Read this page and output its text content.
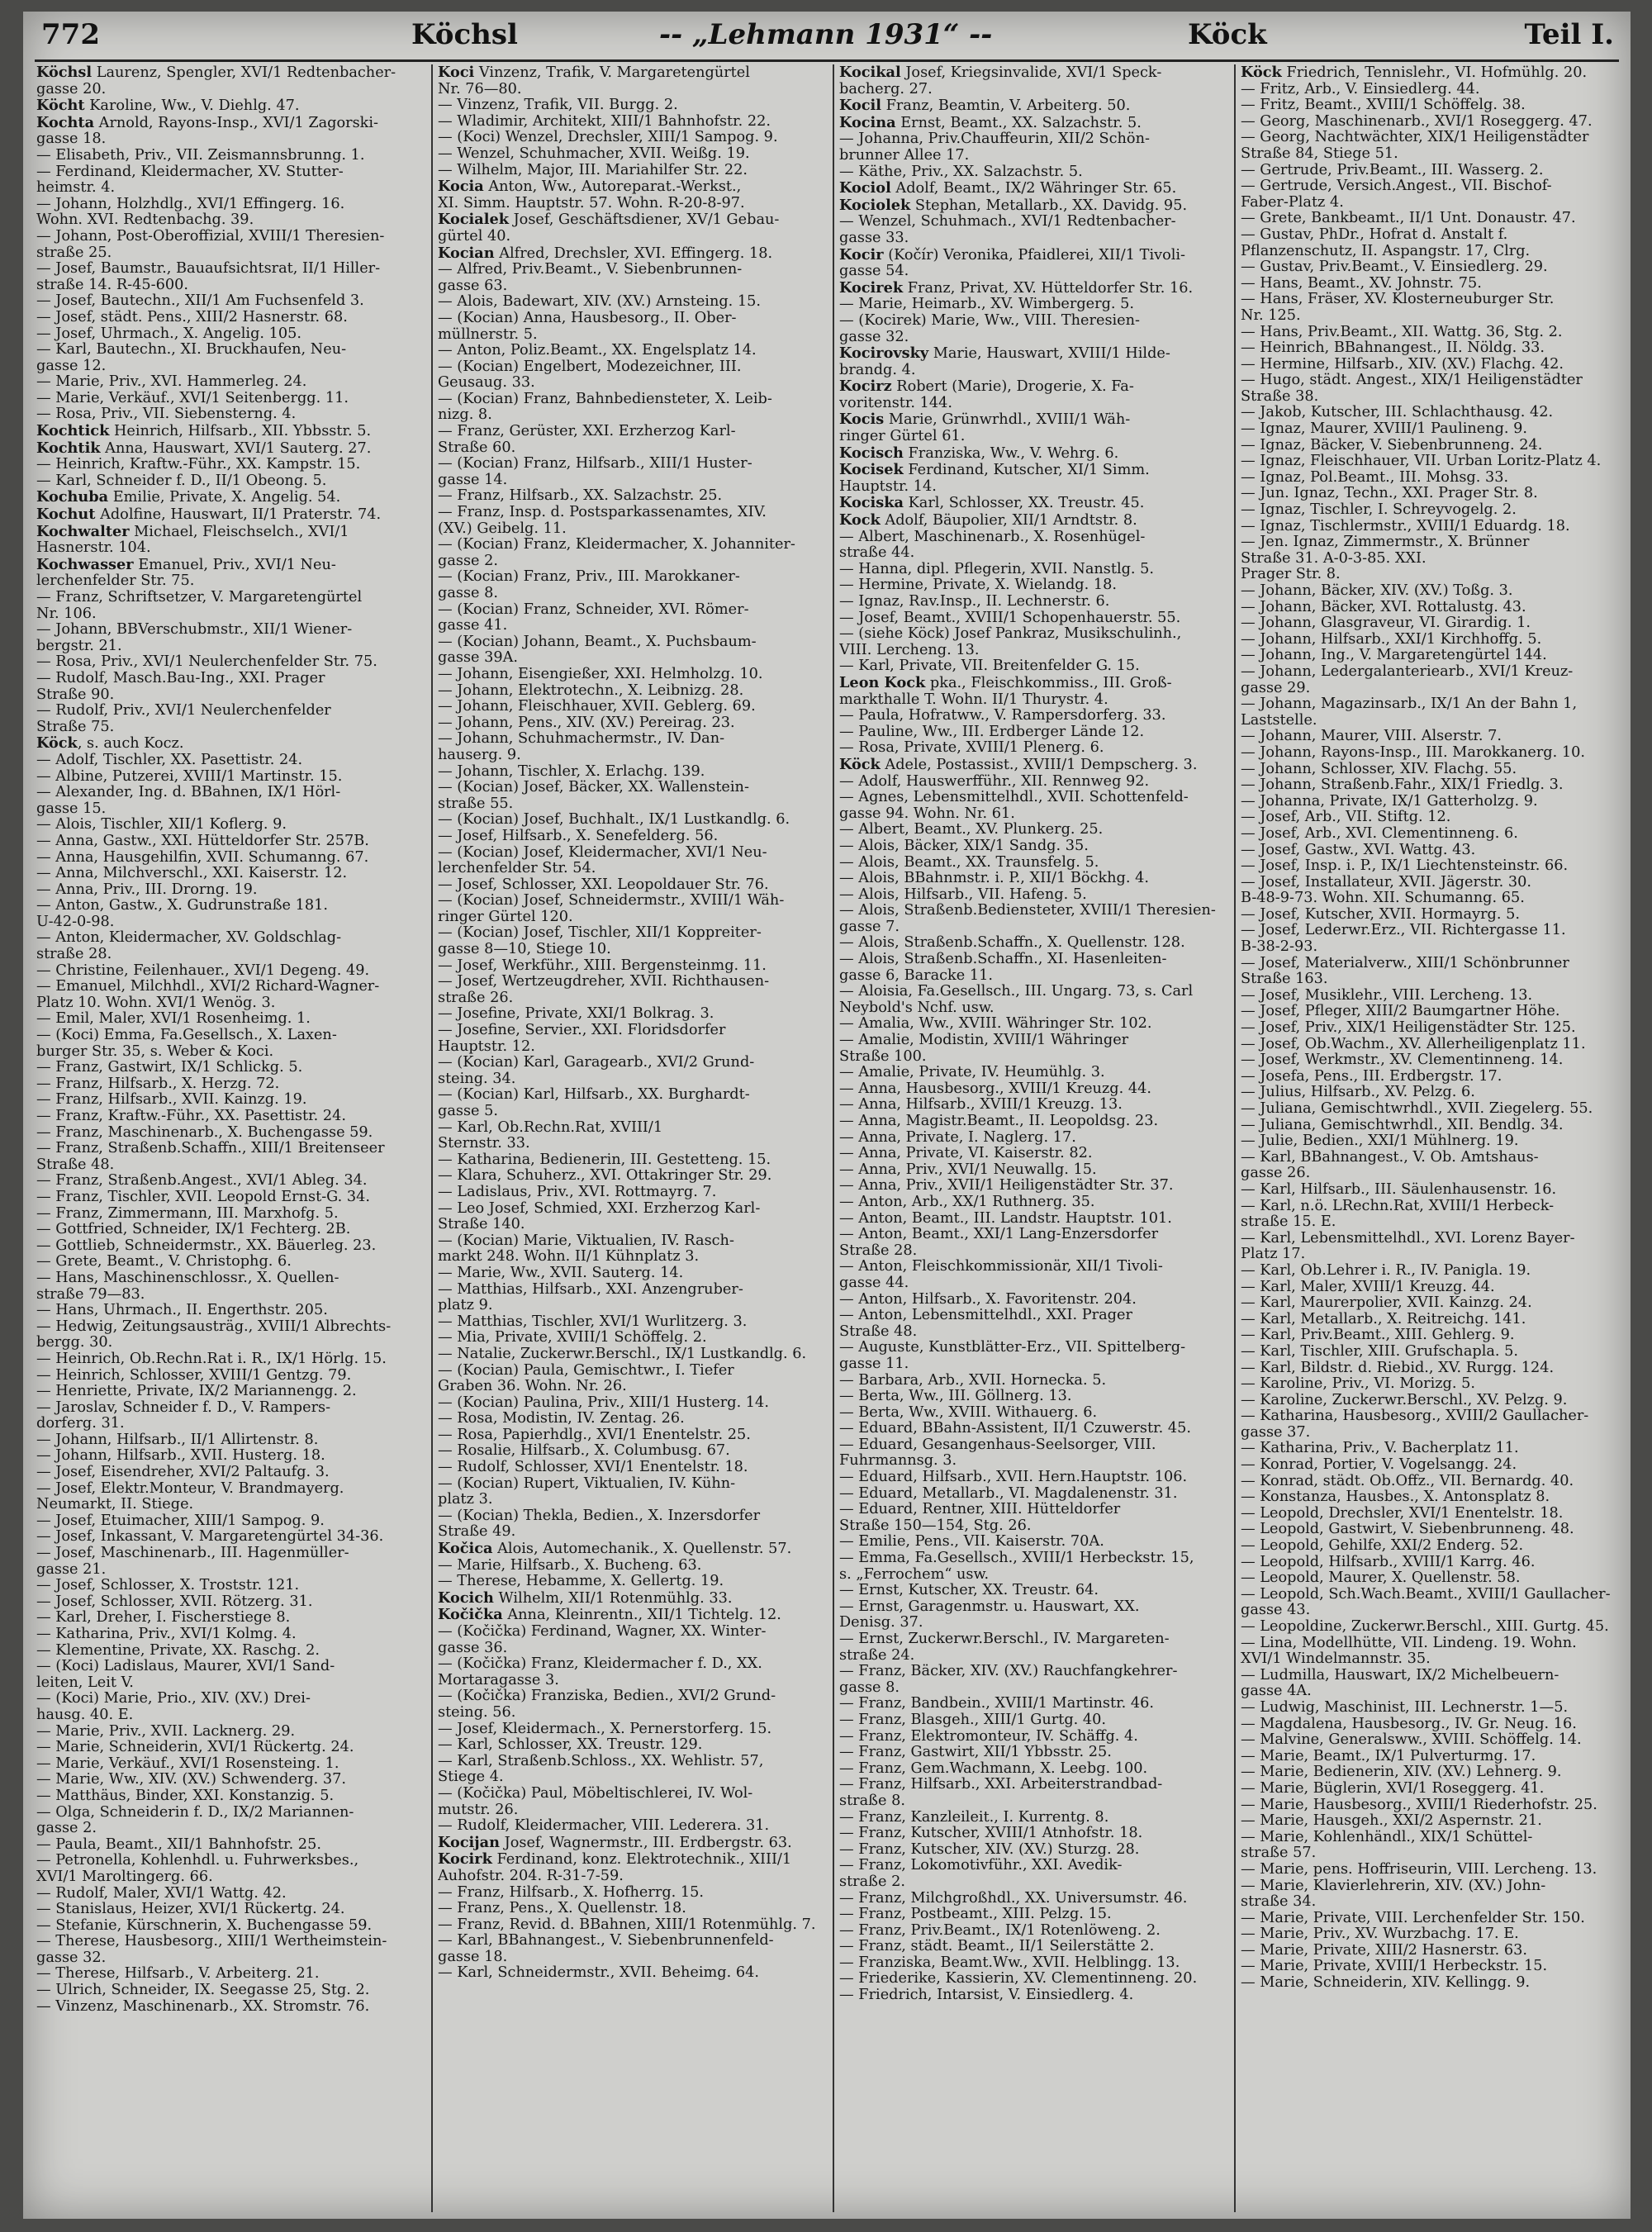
772	Köchsl	-- „Lehmann 1931“ --	Köck	Teil I.

Köchsl Laurenz, Spengler, XVI/1 Redtenbacher-

gasse 20.

Köcht Karoline, Ww., V. Diehlg. 47.

Kochta Arnold, Rayons-Insp., XVI/1 Zagorski-

gasse 18.

— Elisabeth, Priv., VII. Zeismannsbrunng. 1.

— Ferdinand, Kleidermacher, XV. Stutter-

heimstr. 4.

— Johann, Holzhdlg., XVI/1 Effingerg. 16.

Wohn. XVI. Redtenbachg. 39.

— Johann, Post-Oberoffizial, XVIII/1 Theresien-

straße 25.

— Josef, Baumstr., Bauaufsichtsrat, II/1 Hiller-

straße 14. R-45-600.

— Josef, Bautechn., XII/1 Am Fuchsenfeld 3.

— Josef, städt. Pens., XIII/2 Hasnerstr. 68.

— Josef, Uhrmach., X. Angelig. 105.

— Karl, Bautechn., XI. Bruckhaufen, Neu-

gasse 12.

— Marie, Priv., XVI. Hammerleg. 24.

— Marie, Verkäuf., XVI/1 Seitenbergg. 11.

— Rosa, Priv., VII. Siebensterng. 4.

Kochtick Heinrich, Hilfsarb., XII. Ybbsstr. 5.

Kochtik Anna, Hauswart, XVI/1 Sauterg. 27.

— Heinrich, Kraftw.-Führ., XX. Kampstr. 15.

— Karl, Schneider f. D., II/1 Obeong. 5.

Kochuba Emilie, Private, X. Angelig. 54.

Kochut Adolfine, Hauswart, II/1 Praterstr. 74.

Kochwalter Michael, Fleischselch., XVI/1

Hasnerstr. 104.

Kochwasser Emanuel, Priv., XVI/1 Neu-

lerchenfelder Str. 75.

— Franz, Schriftsetzer, V. Margaretengürtel

Nr. 106.

— Johann, BBVerschubmstr., XII/1 Wiener-

bergstr. 21.

— Rosa, Priv., XVI/1 Neulerchenfelder Str. 75.

— Rudolf, Masch.Bau-Ing., XXI. Prager

Straße 90.

— Rudolf, Priv., XVI/1 Neulerchenfelder

Straße 75.

Köck, s. auch Kocz.

— Adolf, Tischler, XX. Pasettistr. 24.

— Albine, Putzerei, XVIII/1 Martinstr. 15.

— Alexander, Ing. d. BBahnen, IX/1 Hörl-

gasse 15.

— Alois, Tischler, XII/1 Koflerg. 9.

— Anna, Gastw., XXI. Hütteldorfer Str. 257B.

— Anna, Hausgehilfin, XVII. Schumanng. 67.

— Anna, Milchverschl., XXI. Kaiserstr. 12.

— Anna, Priv., III. Drorng. 19.

— Anton, Gastw., X. Gudrunstraße 181.

U-42-0-98.

— Anton, Kleidermacher, XV. Goldschlag-

straße 28.

— Christine, Feilenhauer., XVI/1 Degeng. 49.

— Emanuel, Milchhdl., XVI/2 Richard-Wagner-

Platz 10. Wohn. XVI/1 Wenög. 3.

— Emil, Maler, XVI/1 Rosenheimg. 1.

— (Koci) Emma, Fa.Gesellsch., X. Laxen-

burger Str. 35, s. Weber & Koci.

— Franz, Gastwirt, IX/1 Schlickg. 5.

— Franz, Hilfsarb., X. Herzg. 72.

— Franz, Hilfsarb., XVII. Kainzg. 19.

— Franz, Kraftw.-Führ., XX. Pasettistr. 24.

— Franz, Maschinenarb., X. Buchengasse 59.

— Franz, Straßenb.Schaffn., XIII/1 Breitenseer

Straße 48.

— Franz, Straßenb.Angest., XVI/1 Ableg. 34.

— Franz, Tischler, XVII. Leopold Ernst-G. 34.

— Franz, Zimmermann, III. Marxhofg. 5.

— Gottfried, Schneider, IX/1 Fechterg. 2B.

— Gottlieb, Schneidermstr., XX. Bäuerleg. 23.

— Grete, Beamt., V. Christophg. 6.

— Hans, Maschinenschlossr., X. Quellen-

straße 79—83.

— Hans, Uhrmach., II. Engerthstr. 205.

— Hedwig, Zeitungsausträg., XVIII/1 Albrechts-

bergg. 30.

— Heinrich, Ob.Rechn.Rat i. R., IX/1 Hörlg. 15.

— Heinrich, Schlosser, XVIII/1 Gentzg. 79.

— Henriette, Private, IX/2 Mariannengg. 2.

— Jaroslav, Schneider f. D., V. Rampers-

dorferg. 31.

— Johann, Hilfsarb., II/1 Allirtenstr. 8.

— Johann, Hilfsarb., XVII. Husterg. 18.

— Josef, Eisendreher, XVI/2 Paltaufg. 3.

— Josef, Elektr.Monteur, V. Brandmayerg.

Neumarkt, II. Stiege.

— Josef, Etuimacher, XIII/1 Sampog. 9.

— Josef, Inkassant, V. Margaretengürtel 34-36.

— Josef, Maschinenarb., III. Hagenmüller-

gasse 21.

— Josef, Schlosser, X. Troststr. 121.

— Josef, Schlosser, XVII. Rötzerg. 31.

— Karl, Dreher, I. Fischerstiege 8.

— Katharina, Priv., XVI/1 Kolmg. 4.

— Klementine, Private, XX. Raschg. 2.

— (Koci) Ladislaus, Maurer, XVI/1 Sand-

leiten, Leit V.

— (Koci) Marie, Prio., XIV. (XV.) Drei-

hausg. 40. E.

— Marie, Priv., XVII. Lacknerg. 29.

— Marie, Schneiderin, XVI/1 Rückertg. 24.

— Marie, Verkäuf., XVI/1 Rosensteing. 1.

— Marie, Ww., XIV. (XV.) Schwenderg. 37.

— Matthäus, Binder, XXI. Konstanzig. 5.

— Olga, Schneiderin f. D., IX/2 Mariannen-

gasse 2.

— Paula, Beamt., XII/1 Bahnhofstr. 25.

— Petronella, Kohlenhdl. u. Fuhrwerksbes.,

XVI/1 Maroltingerg. 66.

— Rudolf, Maler, XVI/1 Wattg. 42.

— Stanislaus, Heizer, XVI/1 Rückertg. 24.

— Stefanie, Kürschnerin, X. Buchengasse 59.

— Therese, Hausbesorg., XIII/1 Wertheimstein-

gasse 32.

— Therese, Hilfsarb., V. Arbeiterg. 21.

— Ulrich, Schneider, IX. Seegasse 25, Stg. 2.

— Vinzenz, Maschinenarb., XX. Stromstr. 76.

Koci Vinzenz, Trafik, V. Margaretengürtel

Nr. 76—80.

— Vinzenz, Trafik, VII. Burgg. 2.

— Wladimir, Architekt, XIII/1 Bahnhofstr. 22.

— (Koci) Wenzel, Drechsler, XIII/1 Sampog. 9.

— Wenzel, Schuhmacher, XVII. Weißg. 19.

— Wilhelm, Major, III. Mariahilfer Str. 22.

Kocia Anton, Ww., Autoreparat.-Werkst.,

XI. Simm. Hauptstr. 57. Wohn. R-20-8-97.

Kocialek Josef, Geschäftsdiener, XV/1 Gebau-

gürtel 40.

Kocian Alfred, Drechsler, XVI. Effingerg. 18.

— Alfred, Priv.Beamt., V. Siebenbrunnen-

gasse 63.

— Alois, Badewart, XIV. (XV.) Arnsteing. 15.

— (Kocian) Anna, Hausbesorg., II. Ober-

müllnerstr. 5.

— Anton, Poliz.Beamt., XX. Engelsplatz 14.

— (Kocian) Engelbert, Modezeichner, III.

Geusaug. 33.

— (Kocian) Franz, Bahnbediensteter, X. Leib-

nizg. 8.

— Franz, Gerüster, XXI. Erzherzog Karl-

Straße 60.

— (Kocian) Franz, Hilfsarb., XIII/1 Huster-

gasse 14.

— Franz, Hilfsarb., XX. Salzachstr. 25.

— Franz, Insp. d. Postsparkassenamtes, XIV.

(XV.) Geibelg. 11.

— (Kocian) Franz, Kleidermacher, X. Johanniter-

gasse 2.

— (Kocian) Franz, Priv., III. Marokkaner-

gasse 8.

— (Kocian) Franz, Schneider, XVI. Römer-

gasse 41.

— (Kocian) Johann, Beamt., X. Puchsbaum-

gasse 39A.

— Johann, Eisengießer, XXI. Helmholzg. 10.

— Johann, Elektrotechn., X. Leibnizg. 28.

— Johann, Fleischhauer, XVII. Geblerg. 69.

— Johann, Pens., XIV. (XV.) Pereirag. 23.

— Johann, Schuhmachermstr., IV. Dan-

hauserg. 9.

— Johann, Tischler, X. Erlachg. 139.

— (Kocian) Josef, Bäcker, XX. Wallenstein-

straße 55.

— (Kocian) Josef, Buchhalt., IX/1 Lustkandlg. 6.

— Josef, Hilfsarb., X. Senefelderg. 56.

— (Kocian) Josef, Kleidermacher, XVI/1 Neu-

lerchenfelder Str. 54.

— Josef, Schlosser, XXI. Leopoldauer Str. 76.

— (Kocian) Josef, Schneidermstr., XVIII/1 Wäh-

ringer Gürtel 120.

— (Kocian) Josef, Tischler, XII/1 Koppreiter-

gasse 8—10, Stiege 10.

— Josef, Werkführ., XIII. Bergensteinmg. 11.

— Josef, Wertzeugdreher, XVII. Richthausen-

straße 26.

— Josefine, Private, XXI/1 Bolkrag. 3.

— Josefine, Servier., XXI. Floridsdorfer

Hauptstr. 12.

— (Kocian) Karl, Garagearb., XVI/2 Grund-

steing. 34.

— (Kocian) Karl, Hilfsarb., XX. Burghardt-

gasse 5.

— Karl, Ob.Rechn.Rat, XVIII/1

Sternstr. 33.

— Katharina, Bedienerin, III. Gestetteng. 15.

— Klara, Schuherz., XVI. Ottakringer Str. 29.

— Ladislaus, Priv., XVI. Rottmayrg. 7.

— Leo Josef, Schmied, XXI. Erzherzog Karl-

Straße 140.

— (Kocian) Marie, Viktualien, IV. Rasch-

markt 248. Wohn. II/1 Kühnplatz 3.

— Marie, Ww., XVII. Sauterg. 14.

— Matthias, Hilfsarb., XXI. Anzengruber-

platz 9.

— Matthias, Tischler, XVI/1 Wurlitzerg. 3.

— Mia, Private, XVIII/1 Schöffelg. 2.

— Natalie, Zuckerwr.Berschl., IX/1 Lustkandlg. 6.

— (Kocian) Paula, Gemischtwr., I. Tiefer

Graben 36. Wohn. Nr. 26.

— (Kocian) Paulina, Priv., XIII/1 Husterg. 14.

— Rosa, Modistin, IV. Zentag. 26.

— Rosa, Papierhdlg., XVI/1 Enentelstr. 25.

— Rosalie, Hilfsarb., X. Columbusg. 67.

— Rudolf, Schlosser, XVI/1 Enentelstr. 18.

— (Kocian) Rupert, Viktualien, IV. Kühn-

platz 3.

— (Kocian) Thekla, Bedien., X. Inzersdorfer

Straße 49.

Kočica Alois, Automechanik., X. Quellenstr. 57.

— Marie, Hilfsarb., X. Bucheng. 63.

— Therese, Hebamme, X. Gellertg. 19.

Kocich Wilhelm, XII/1 Rotenmühlg. 33.

Kočička Anna, Kleinrentn., XII/1 Tichtelg. 12.

— (Kočička) Ferdinand, Wagner, XX. Winter-

gasse 36.

— (Kočička) Franz, Kleidermacher f. D., XX.

Mortaragasse 3.

— (Kočička) Franziska, Bedien., XVI/2 Grund-

steing. 56.

— Josef, Kleidermach., X. Pernerstorferg. 15.

— Karl, Schlosser, XX. Treustr. 129.

— Karl, Straßenb.Schloss., XX. Wehlistr. 57,

Stiege 4.

— (Kočička) Paul, Möbeltischlerei, IV. Wol-

mutstr. 26.

— Rudolf, Kleidermacher, VIII. Lederera. 31.

Kocijan Josef, Wagnermstr., III. Erdbergstr. 63.

Kocirk Ferdinand, konz. Elektrotechnik., XIII/1

Auhofstr. 204. R-31-7-59.

— Franz, Hilfsarb., X. Hofherrg. 15.

— Franz, Pens., X. Quellenstr. 18.

— Franz, Revid. d. BBahnen, XIII/1 Rotenmühlg. 7.

— Karl, BBahnangest., V. Siebenbrunnenfeld-

gasse 18.

— Karl, Schneidermstr., XVII. Beheimg. 64.

Kocikal Josef, Kriegsinvalide, XVI/1 Speck-

bacherg. 27.

Kocil Franz, Beamtin, V. Arbeiterg. 50.

Kocina Ernst, Beamt., XX. Salzachstr. 5.

— Johanna, Priv.Chauffeurin, XII/2 Schön-

brunner Allee 17.

— Käthe, Priv., XX. Salzachstr. 5.

Kociol Adolf, Beamt., IX/2 Währinger Str. 65.

Kociolek Stephan, Metallarb., XX. Davidg. 95.

— Wenzel, Schuhmach., XVI/1 Redtenbacher-

gasse 33.

Kocir (Kočír) Veronika, Pfaidlerei, XII/1 Tivoli-

gasse 54.

Kocirek Franz, Privat, XV. Hütteldorfer Str. 16.

— Marie, Heimarb., XV. Wimbergerg. 5.

— (Kocirek) Marie, Ww., VIII. Theresien-

gasse 32.

Kocirovsky Marie, Hauswart, XVIII/1 Hilde-

brandg. 4.

Kocirz Robert (Marie), Drogerie, X. Fa-

voritenstr. 144.

Kocis Marie, Grünwrhdl., XVIII/1 Wäh-

ringer Gürtel 61.

Kocisch Franziska, Ww., V. Wehrg. 6.

Kocisek Ferdinand, Kutscher, XI/1 Simm.

Hauptstr. 14.

Kociska Karl, Schlosser, XX. Treustr. 45.

Kock Adolf, Bäupolier, XII/1 Arndtstr. 8.

— Albert, Maschinenarb., X. Rosenhügel-

straße 44.

— Hanna, dipl. Pflegerin, XVII. Nanstlg. 5.

— Hermine, Private, X. Wielandg. 18.

— Ignaz, Rav.Insp., II. Lechnerstr. 6.

— Josef, Beamt., XVIII/1 Schopenhauerstr. 55.

— (siehe Köck) Josef Pankraz, Musikschulinh.,

VIII. Lercheng. 13.

— Karl, Private, VII. Breitenfelder G. 15.

Leon Kock pka., Fleischkommiss., III. Groß-

markthalle T. Wohn. II/1 Thurystr. 4.

— Paula, Hofratww., V. Rampersdorferg. 33.

— Pauline, Ww., III. Erdberger Lände 12.

— Rosa, Private, XVIII/1 Plenerg. 6.

Köck Adele, Postassist., XVIII/1 Dempscherg. 3.

— Adolf, Hauswerfführ., XII. Rennweg 92.

— Agnes, Lebensmittelhdl., XVII. Schottenfeld-

gasse 94. Wohn. Nr. 61.

— Albert, Beamt., XV. Plunkerg. 25.

— Alois, Bäcker, XIX/1 Sandg. 35.

— Alois, Beamt., XX. Traunsfelg. 5.

— Alois, BBahnmstr. i. P., XII/1 Böckhg. 4.

— Alois, Hilfsarb., VII. Hafeng. 5.

— Alois, Straßenb.Bediensteter, XVIII/1 Theresien-

gasse 7.

— Alois, Straßenb.Schaffn., X. Quellenstr. 128.

— Alois, Straßenb.Schaffn., XI. Hasenleiten-

gasse 6, Baracke 11.

— Aloisia, Fa.Gesellsch., III. Ungarg. 73, s. Carl

Neybold's Nchf. usw.

— Amalia, Ww., XVIII. Währinger Str. 102.

— Amalie, Modistin, XVIII/1 Währinger

Straße 100.

— Amalie, Private, IV. Heumühlg. 3.

— Anna, Hausbesorg., XVIII/1 Kreuzg. 44.

— Anna, Hilfsarb., XVIII/1 Kreuzg. 13.

— Anna, Magistr.Beamt., II. Leopoldsg. 23.

— Anna, Private, I. Naglerg. 17.

— Anna, Private, VI. Kaiserstr. 82.

— Anna, Priv., XVI/1 Neuwallg. 15.

— Anna, Priv., XVII/1 Heiligenstädter Str. 37.

— Anton, Arb., XX/1 Ruthnerg. 35.

— Anton, Beamt., III. Landstr. Hauptstr. 101.

— Anton, Beamt., XXI/1 Lang-Enzersdorfer

Straße 28.

— Anton, Fleischkommissionär, XII/1 Tivoli-

gasse 44.

— Anton, Hilfsarb., X. Favoritenstr. 204.

— Anton, Lebensmittelhdl., XXI. Prager

Straße 48.

— Auguste, Kunstblätter-Erz., VII. Spittelberg-

gasse 11.

— Barbara, Arb., XVII. Hornecka. 5.

— Berta, Ww., III. Göllnerg. 13.

— Berta, Ww., XVIII. Withauerg. 6.

— Eduard, BBahn-Assistent, II/1 Czuwerstr. 45.

— Eduard, Gesangenhaus-Seelsorger, VIII.

Fuhrmannsg. 3.

— Eduard, Hilfsarb., XVII. Hern.Hauptstr. 106.

— Eduard, Metallarb., VI. Magdalenenstr. 31.

— Eduard, Rentner, XIII. Hütteldorfer

Straße 150—154, Stg. 26.

— Emilie, Pens., VII. Kaiserstr. 70A.

— Emma, Fa.Gesellsch., XVIII/1 Herbeckstr. 15,

s. „Ferrochem“ usw.

— Ernst, Kutscher, XX. Treustr. 64.

— Ernst, Garagenmstr. u. Hauswart, XX.

Denisg. 37.

— Ernst, Zuckerwr.Berschl., IV. Margareten-

straße 24.

— Franz, Bäcker, XIV. (XV.) Rauchfangkehrer-

gasse 8.

— Franz, Bandbein., XVIII/1 Martinstr. 46.

— Franz, Blasgeh., XIII/1 Gurtg. 40.

— Franz, Elektromonteur, IV. Schäffg. 4.

— Franz, Gastwirt, XII/1 Ybbsstr. 25.

— Franz, Gem.Wachmann, X. Leebg. 100.

— Franz, Hilfsarb., XXI. Arbeiterstrandbad-

straße 8.

— Franz, Kanzleileit., I. Kurrentg. 8.

— Franz, Kutscher, XVIII/1 Atnhofstr. 18.

— Franz, Kutscher, XIV. (XV.) Sturzg. 28.

— Franz, Lokomotivführ., XXI. Avedik-

straße 2.

— Franz, Milchgroßhdl., XX. Universumstr. 46.

— Franz, Postbeamt., XIII. Pelzg. 15.

— Franz, Priv.Beamt., IX/1 Rotenlöweng. 2.

— Franz, städt. Beamt., II/1 Seilerstätte 2.

— Franziska, Beamt.Ww., XVII. Helblingg. 13.

— Friederike, Kassierin, XV. Clementinneng. 20.

— Friedrich, Intarsist, V. Einsiedlerg. 4.

Köck Friedrich, Tennislehr., VI. Hofmühlg. 20.

— Fritz, Arb., V. Einsiedlerg. 44.

— Fritz, Beamt., XVIII/1 Schöffelg. 38.

— Georg, Maschinenarb., XVI/1 Roseggerg. 47.

— Georg, Nachtwächter, XIX/1 Heiligenstädter

Straße 84, Stiege 51.

— Gertrude, Priv.Beamt., III. Wasserg. 2.

— Gertrude, Versich.Angest., VII. Bischof-

Faber-Platz 4.

— Grete, Bankbeamt., II/1 Unt. Donaustr. 47.

— Gustav, PhDr., Hofrat d. Anstalt f.

Pflanzenschutz, II. Aspangstr. 17, Clrg.

— Gustav, Priv.Beamt., V. Einsiedlerg. 29.

— Hans, Beamt., XV. Johnstr. 75.

— Hans, Fräser, XV. Klosterneuburger Str.

Nr. 125.

— Hans, Priv.Beamt., XII. Wattg. 36, Stg. 2.

— Heinrich, BBahnangest., II. Nöldg. 33.

— Hermine, Hilfsarb., XIV. (XV.) Flachg. 42.

— Hugo, städt. Angest., XIX/1 Heiligenstädter

Straße 38.

— Jakob, Kutscher, III. Schlachthausg. 42.

— Ignaz, Maurer, XVIII/1 Paulineng. 9.

— Ignaz, Bäcker, V. Siebenbrunneng. 24.

— Ignaz, Fleischhauer, VII. Urban Loritz-Platz 4.

— Ignaz, Pol.Beamt., III. Mohsg. 33.

— Jun. Ignaz, Techn., XXI. Prager Str. 8.

— Ignaz, Tischler, I. Schreyvogelg. 2.

— Ignaz, Tischlermstr., XVIII/1 Eduardg. 18.

— Jen. Ignaz, Zimmermstr., X. Brünner

Straße 31. A-0-3-85. XXI.

Prager Str. 8.

— Johann, Bäcker, XIV. (XV.) Toßg. 3.

— Johann, Bäcker, XVI. Rottalustg. 43.

— Johann, Glasgraveur, VI. Girardig. 1.

— Johann, Hilfsarb., XXI/1 Kirchhoffg. 5.

— Johann, Ing., V. Margaretengürtel 144.

— Johann, Ledergalanteriearb., XVI/1 Kreuz-

gasse 29.

— Johann, Magazinsarb., IX/1 An der Bahn 1,

Laststelle.

— Johann, Maurer, VIII. Alserstr. 7.

— Johann, Rayons-Insp., III. Marokkanerg. 10.

— Johann, Schlosser, XIV. Flachg. 55.

— Johann, Straßenb.Fahr., XIX/1 Friedlg. 3.

— Johanna, Private, IX/1 Gatterholzg. 9.

— Josef, Arb., VII. Stiftg. 12.

— Josef, Arb., XVI. Clementinneng. 6.

— Josef, Gastw., XVI. Wattg. 43.

— Josef, Insp. i. P., IX/1 Liechtensteinstr. 66.

— Josef, Installateur, XVII. Jägerstr. 30.

B-48-9-73. Wohn. XII. Schumanng. 65.

— Josef, Kutscher, XVII. Hormayrg. 5.

— Josef, Lederwr.Erz., VII. Richtergasse 11.

B-38-2-93.

— Josef, Materialverw., XIII/1 Schönbrunner

Straße 163.

— Josef, Musiklehr., VIII. Lercheng. 13.

— Josef, Pfleger, XIII/2 Baumgartner Höhe.

— Josef, Priv., XIX/1 Heiligenstädter Str. 125.

— Josef, Ob.Wachm., XV. Allerheiligenplatz 11.

— Josef, Werkmstr., XV. Clementinneng. 14.

— Josefa, Pens., III. Erdbergstr. 17.

— Julius, Hilfsarb., XV. Pelzg. 6.

— Juliana, Gemischtwrhdl., XVII. Ziegelerg. 55.

— Juliana, Gemischtwrhdl., XII. Bendlg. 34.

— Julie, Bedien., XXI/1 Mühlnerg. 19.

— Karl, BBahnangest., V. Ob. Amtshaus-

gasse 26.

— Karl, Hilfsarb., III. Säulenhausenstr. 16.

— Karl, n.ö. LRechn.Rat, XVIII/1 Herbeck-

straße 15. E.

— Karl, Lebensmittelhdl., XVI. Lorenz Bayer-

Platz 17.

— Karl, Ob.Lehrer i. R., IV. Panigla. 19.

— Karl, Maler, XVIII/1 Kreuzg. 44.

— Karl, Maurerpolier, XVII. Kainzg. 24.

— Karl, Metallarb., X. Reitreichg. 141.

— Karl, Priv.Beamt., XIII. Gehlerg. 9.

— Karl, Tischler, XIII. Grufschapla. 5.

— Karl, Bildstr. d. Riebid., XV. Rurgg. 124.

— Karoline, Priv., VI. Morizg. 5.

— Karoline, Zuckerwr.Berschl., XV. Pelzg. 9.

— Katharina, Hausbesorg., XVIII/2 Gaullacher-

gasse 37.

— Katharina, Priv., V. Bacherplatz 11.

— Konrad, Portier, V. Vogelsangg. 24.

— Konrad, städt. Ob.Offz., VII. Bernardg. 40.

— Konstanza, Hausbes., X. Antonsplatz 8.

— Leopold, Drechsler, XVI/1 Enentelstr. 18.

— Leopold, Gastwirt, V. Siebenbrunneng. 48.

— Leopold, Gehilfe, XXI/2 Enderg. 52.

— Leopold, Hilfsarb., XVIII/1 Karrg. 46.

— Leopold, Maurer, X. Quellenstr. 58.

— Leopold, Sch.Wach.Beamt., XVIII/1 Gaullacher-

gasse 43.

— Leopoldine, Zuckerwr.Berschl., XIII. Gurtg. 45.

— Lina, Modellhütte, VII. Lindeng. 19. Wohn.

XVI/1 Windelmannstr. 35.

— Ludmilla, Hauswart, IX/2 Michelbeuern-

gasse 4A.

— Ludwig, Maschinist, III. Lechnerstr. 1—5.

— Magdalena, Hausbesorg., IV. Gr. Neug. 16.

— Malvine, Generalsww., XVIII. Schöffelg. 14.

— Marie, Beamt., IX/1 Pulverturmg. 17.

— Marie, Bedienerin, XIV. (XV.) Lehnerg. 9.

— Marie, Büglerin, XVI/1 Roseggerg. 41.

— Marie, Hausbesorg., XVIII/1 Riederhofstr. 25.

— Marie, Hausgeh., XXI/2 Aspernstr. 21.

— Marie, Kohlenhändl., XIX/1 Schüttel-

straße 57.

— Marie, pens. Hoffriseurin, VIII. Lercheng. 13.

— Marie, Klavierlehrerin, XIV. (XV.) John-

straße 34.

— Marie, Private, VIII. Lerchenfelder Str. 150.

— Marie, Priv., XV. Wurzbachg. 17. E.

— Marie, Private, XIII/2 Hasnerstr. 63.

— Marie, Private, XVIII/1 Herbeckstr. 15.

— Marie, Schneiderin, XIV. Kellingg. 9.
